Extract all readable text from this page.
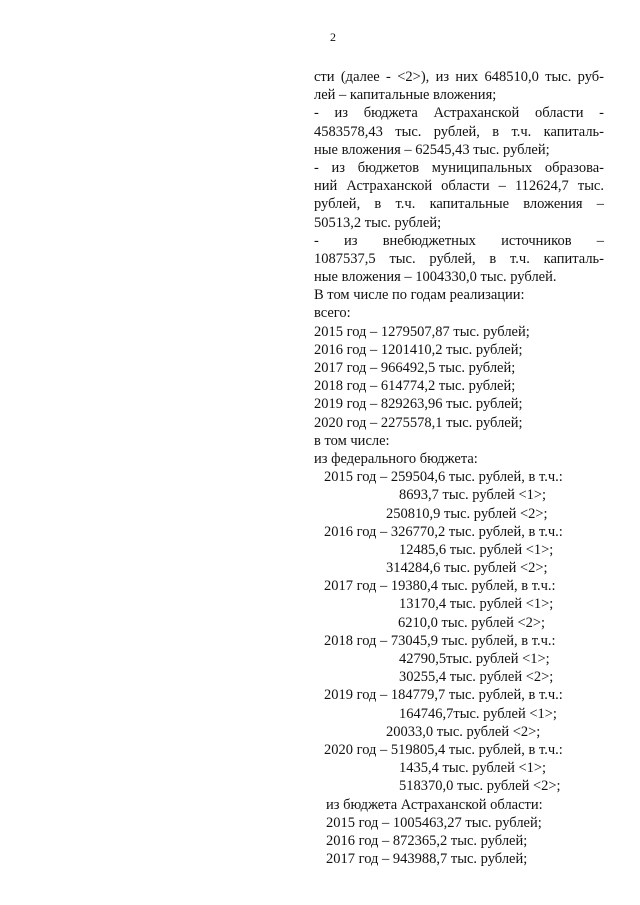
2
сти (далее - <2>), из них 648510,0 тыс. руб-
лей – капитальные вложения;
- из бюджета Астраханской области -
4583578,43 тыс. рублей, в т.ч. капиталь-
ные вложения – 62545,43 тыс. рублей;
- из бюджетов муниципальных образова-
ний Астраханской области – 112624,7 тыс.
рублей, в т.ч. капитальные вложения –
50513,2 тыс. рублей;
- из внебюджетных источников –
1087537,5 тыс. рублей, в т.ч. капиталь-
ные вложения – 1004330,0 тыс. рублей.
В том числе по годам реализации:
всего:
2015 год – 1279507,87 тыс. рублей;
2016 год – 1201410,2 тыс. рублей;
2017 год – 966492,5 тыс. рублей;
2018 год – 614774,2 тыс. рублей;
2019 год – 829263,96 тыс. рублей;
2020 год – 2275578,1 тыс. рублей;
в том числе:
из федерального бюджета:
2015 год – 259504,6 тыс. рублей, в т.ч.:
8693,7 тыс. рублей <1>;
250810,9 тыс. рублей <2>;
2016 год – 326770,2 тыс. рублей, в т.ч.:
12485,6 тыс. рублей <1>;
314284,6 тыс. рублей <2>;
2017 год – 19380,4 тыс. рублей, в т.ч.:
13170,4 тыс. рублей <1>;
6210,0 тыс. рублей <2>;
2018 год – 73045,9 тыс. рублей, в т.ч.:
42790,5тыс. рублей <1>;
30255,4 тыс. рублей <2>;
2019 год – 184779,7 тыс. рублей, в т.ч.:
164746,7тыс. рублей <1>;
20033,0 тыс. рублей <2>;
2020 год – 519805,4 тыс. рублей, в т.ч.:
1435,4 тыс. рублей <1>;
518370,0 тыс. рублей <2>;
из бюджета Астраханской области:
2015 год – 1005463,27 тыс. рублей;
2016 год – 872365,2 тыс. рублей;
2017 год – 943988,7 тыс. рублей;
